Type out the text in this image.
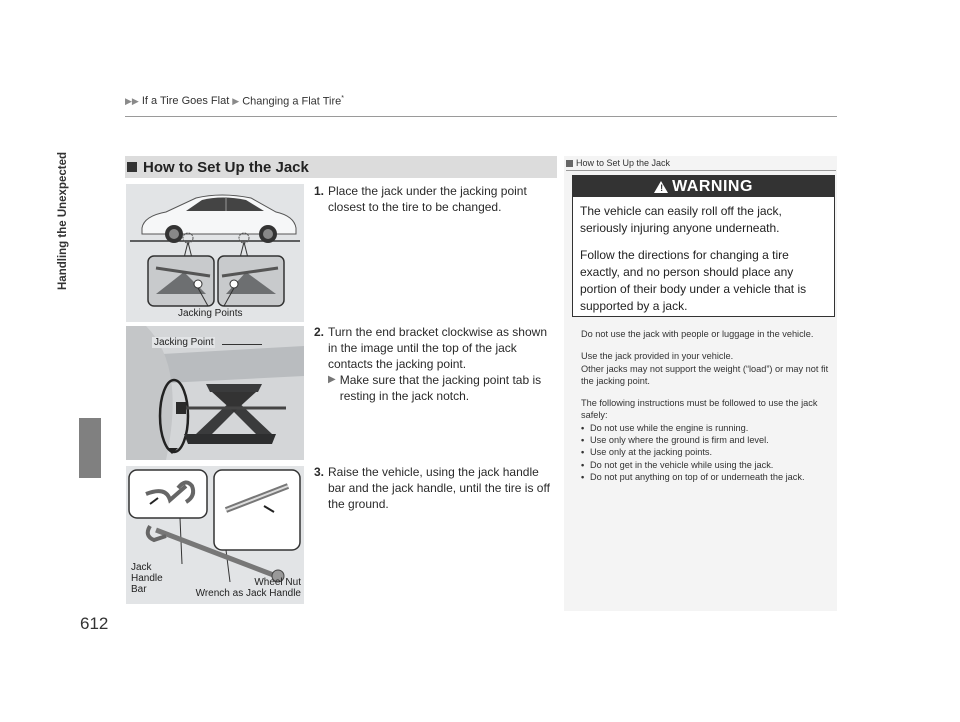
▶▶ If a Tire Goes Flat ▶ Changing a Flat Tire*
Handling the Unexpected
612
How to Set Up the Jack
Jacking Points
Jacking Point
Jack
Handle
Bar
Wheel Nut
Wrench as Jack Handle
1. Place the jack under the jacking point closest to the tire to be changed.
2. Turn the end bracket clockwise as shown in the image until the top of the jack contacts the jacking point.
▶ Make sure that the jacking point tab is resting in the jack notch.
3. Raise the vehicle, using the jack handle bar and the jack handle, until the tire is off the ground.
How to Set Up the Jack
! WARNING

The vehicle can easily roll off the jack, seriously injuring anyone underneath.

Follow the directions for changing a tire exactly, and no person should place any portion of their body under a vehicle that is supported by a jack.

Do not use the jack with people or luggage in the vehicle.

Use the jack provided in your vehicle.
Other jacks may not support the weight (“load”) or may not fit the jacking point.

The following instructions must be followed to use the jack safely:

• Do not use while the engine is running.
• Use only where the ground is firm and level.
• Use only at the jacking points.
• Do not get in the vehicle while using the jack.
• Do not put anything on top of or underneath the jack.
